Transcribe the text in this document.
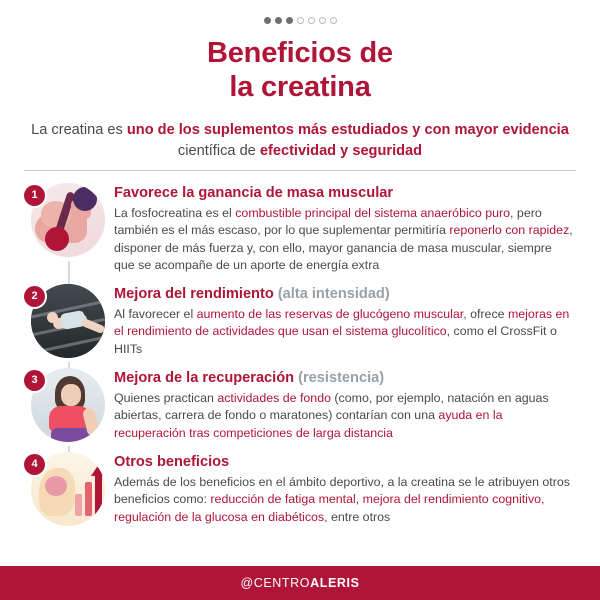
Beneficios de
la creatina
La creatina es uno de los suplementos más estudiados y con mayor evidencia científica de efectividad y seguridad
1	Favorece la ganancia de masa muscular
La fosfocreatina es el combustible principal del sistema anaeróbico puro, pero también es el más escaso, por lo que suplementar permitiría reponerlo con rapidez, disponer de más fuerza y, con ello, mayor ganancia de masa muscular, siempre que se acompañe de un aporte de energía extra
2	Mejora del rendimiento (alta intensidad)
Al favorecer el aumento de las reservas de glucógeno muscular, ofrece mejoras en el rendimiento de actividades que usan el sistema glucolítico, como el CrossFit o HIITs
3	Mejora de la recuperación (resistencia)
Quienes practican actividades de fondo (como, por ejemplo, natación en aguas abiertas, carrera de fondo o maratones) contarían con una ayuda en la recuperación tras competiciones de larga distancia
4	Otros beneficios
Además de los beneficios en el ámbito deportivo, a la creatina se le atribuyen otros beneficios como: reducción de fatiga mental, mejora del rendimiento cognitivo, regulación de la glucosa en diabéticos, entre otros
@CENTRO ALERIS
